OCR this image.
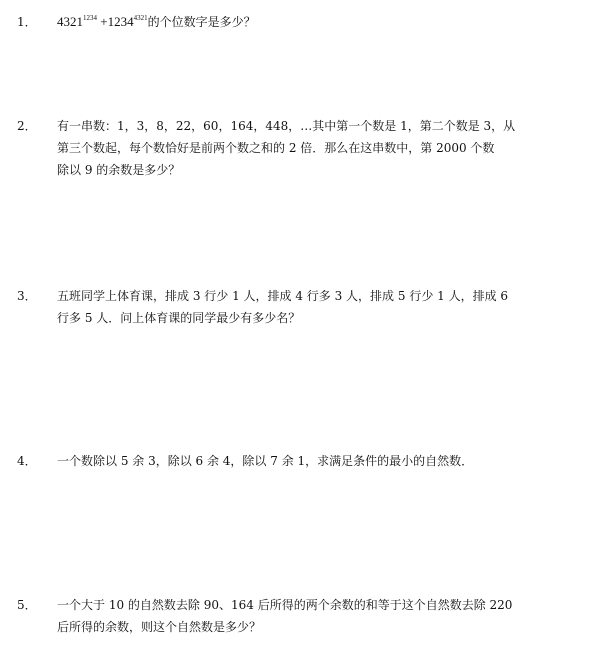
1． $4321^{1234} +1234^{4321}$的个位数字是多少？
2． 有一串数：1，3，8，22，60，164，448，…其中第一个数是 1，第二个数是 3，从
第三个数起，每个数恰好是前两个数之和的 2 倍．那么在这串数中，第 2000 个数
除以 9 的余数是多少？
3． 五班同学上体育课，排成 3 行少 1 人，排成 4 行多 3 人，排成 5 行少 1 人，排成 6
行多 5 人．问上体育课的同学最少有多少名？
4． 一个数除以 5 余 3，除以 6 余 4，除以 7 余 1，求满足条件的最小的自然数．
5． 一个大于 10 的自然数去除 90、164 后所得的两个余数的和等于这个自然数去除 220
后所得的余数，则这个自然数是多少？
